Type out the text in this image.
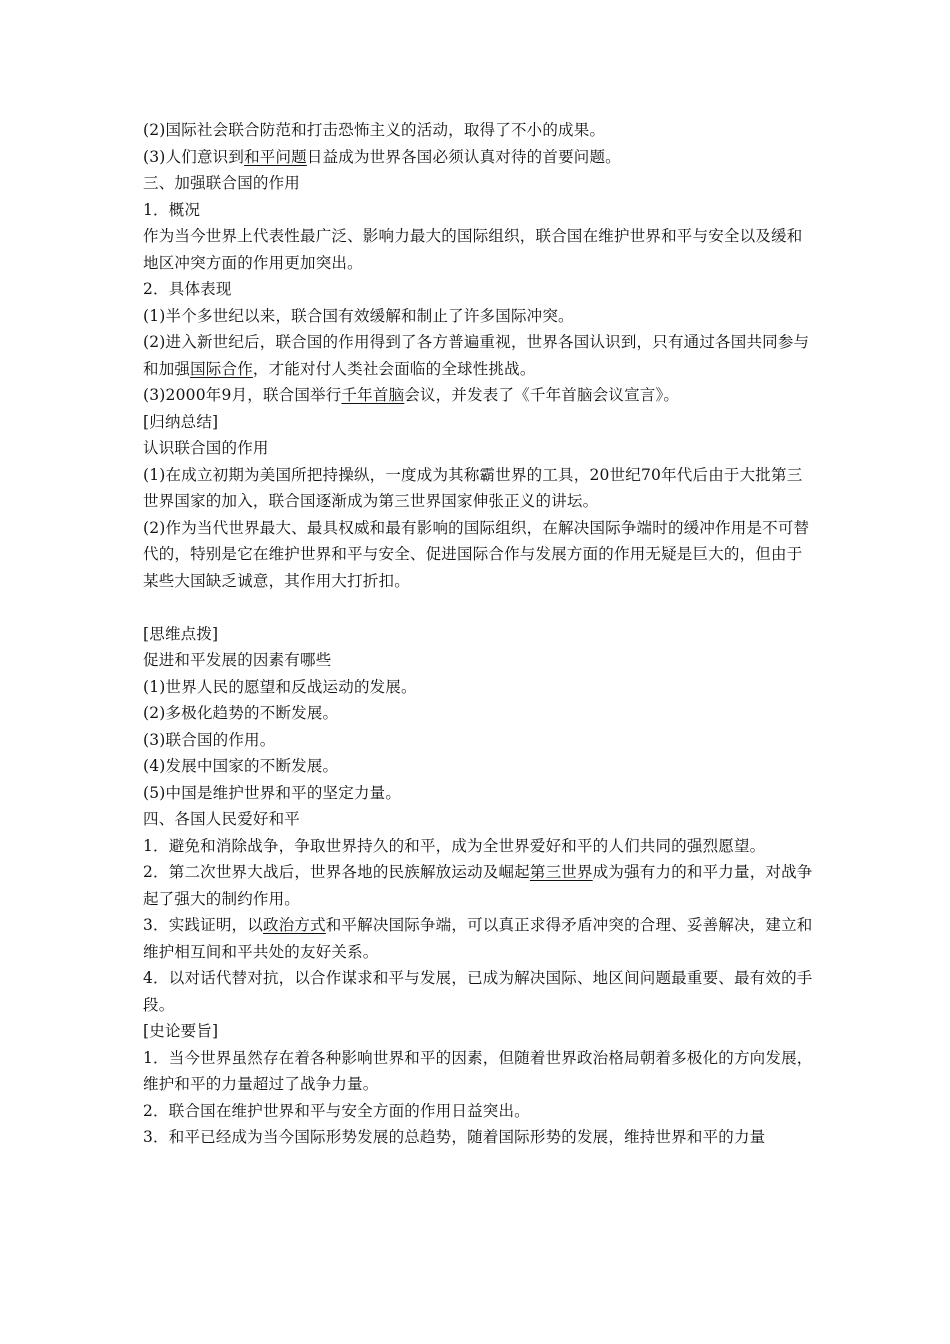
(2)国际社会联合防范和打击恐怖主义的活动，取得了不小的成果。

(3)人们意识到和平问题日益成为世界各国必须认真对待的首要问题。

三、加强联合国的作用

1．概况

作为当今世界上代表性最广泛、影响力最大的国际组织，联合国在维护世界和平与安全以及缓和地区冲突方面的作用更加突出。

2．具体表现

(1)半个多世纪以来，联合国有效缓解和制止了许多国际冲突。

(2)进入新世纪后，联合国的作用得到了各方普遍重视，世界各国认识到，只有通过各国共同参与和加强国际合作，才能对付人类社会面临的全球性挑战。

(3)2000年9月，联合国举行千年首脑会议，并发表了《千年首脑会议宣言》。

[归纳总结]

认识联合国的作用

(1)在成立初期为美国所把持操纵，一度成为其称霸世界的工具，20世纪70年代后由于大批第三世界国家的加入，联合国逐渐成为第三世界国家伸张正义的讲坛。

(2)作为当代世界最大、最具权威和最有影响的国际组织，在解决国际争端时的缓冲作用是不可替代的，特别是它在维护世界和平与安全、促进国际合作与发展方面的作用无疑是巨大的，但由于某些大国缺乏诚意，其作用大打折扣。

[思维点拨]

促进和平发展的因素有哪些

(1)世界人民的愿望和反战运动的发展。

(2)多极化趋势的不断发展。

(3)联合国的作用。

(4)发展中国家的不断发展。

(5)中国是维护世界和平的坚定力量。

四、各国人民爱好和平

1．避免和消除战争，争取世界持久的和平，成为全世界爱好和平的人们共同的强烈愿望。

2．第二次世界大战后，世界各地的民族解放运动及崛起第三世界成为强有力的和平力量，对战争起了强大的制约作用。

3．实践证明，以政治方式和平解决国际争端，可以真正求得矛盾冲突的合理、妥善解决，建立和维护相互间和平共处的友好关系。

4．以对话代替对抗，以合作谋求和平与发展，已成为解决国际、地区间问题最重要、最有效的手段。

[史论要旨]

1．当今世界虽然存在着各种影响世界和平的因素，但随着世界政治格局朝着多极化的方向发展，维护和平的力量超过了战争力量。

2．联合国在维护世界和平与安全方面的作用日益突出。

3．和平已经成为当今国际形势发展的总趋势，随着国际形势的发展，维持世界和平的力量
